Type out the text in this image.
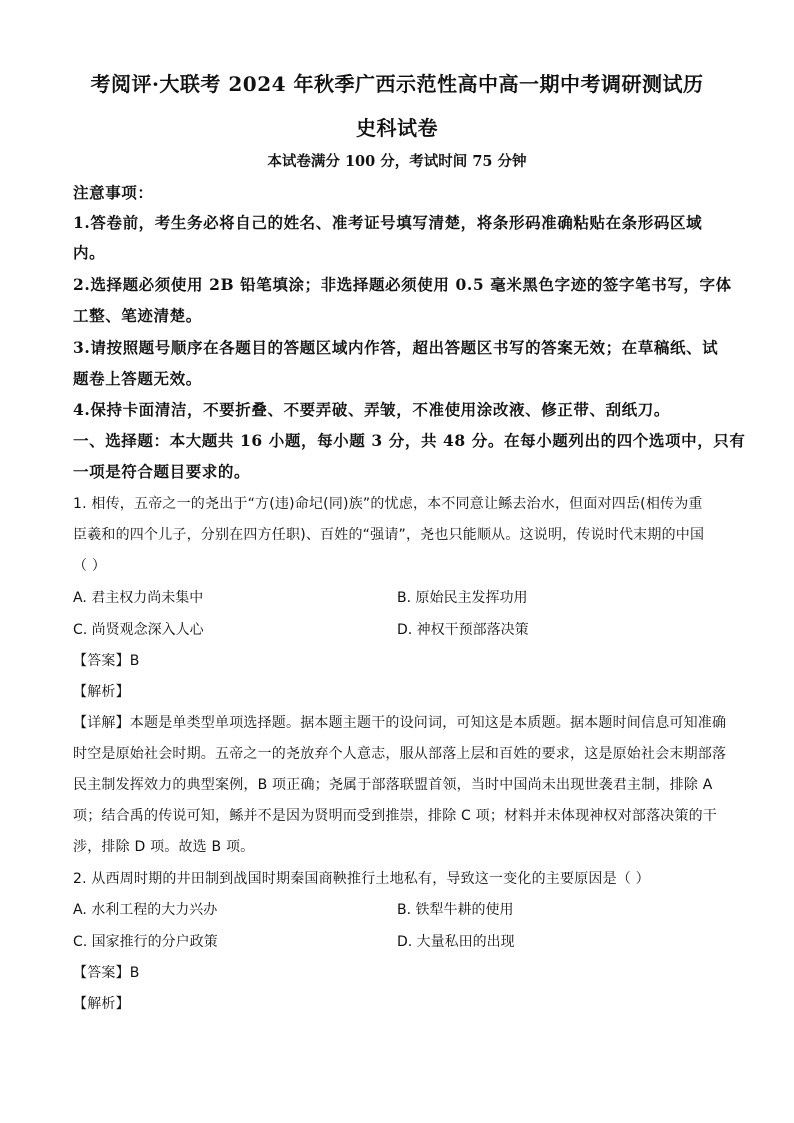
考阅评·大联考 2024 年秋季广西示范性高中高一期中考调研测试历
史科试卷
本试卷满分 100 分，考试时间 75 分钟
注意事项：
1.答卷前，考生务必将自己的姓名、准考证号填写清楚，将条形码准确粘贴在条形码区域
内。
2.选择题必须使用 2B 铅笔填涂；非选择题必须使用 0.5 毫米黑色字迹的签字笔书写，字体
工整、笔迹清楚。
3.请按照题号顺序在各题目的答题区域内作答，超出答题区书写的答案无效；在草稿纸、试
题卷上答题无效。
4.保持卡面清洁，不要折叠、不要弄破、弄皱，不准使用涂改液、修正带、刮纸刀。
一、选择题：本大题共 16 小题，每小题 3 分，共 48 分。在每小题列出的四个选项中，只有
一项是符合题目要求的。
1. 相传，五帝之一的尧出于“方(违)命圮(同)族”的忧虑，本不同意让鲧去治水，但面对四岳(相传为重
臣羲和的四个儿子，分别在四方任职)、百姓的“强请”，尧也只能顺从。这说明，传说时代末期的中国
（ ）
A. 君主权力尚未集中	B. 原始民主发挥功用
C. 尚贤观念深入人心	D. 神权干预部落决策
【答案】B
【解析】
【详解】本题是单类型单项选择题。据本题主题干的设问词，可知这是本质题。据本题时间信息可知准确
时空是原始社会时期。五帝之一的尧放弃个人意志，服从部落上层和百姓的要求，这是原始社会末期部落
民主制发挥效力的典型案例，B 项正确；尧属于部落联盟首领，当时中国尚未出现世袭君主制，排除 A
项；结合禹的传说可知，鲧并不是因为贤明而受到推崇，排除 C 项；材料并未体现神权对部落决策的干
涉，排除 D 项。故选 B 项。
2. 从西周时期的井田制到战国时期秦国商鞅推行土地私有，导致这一变化的主要原因是（ ）
A. 水利工程的大力兴办	B. 铁犁牛耕的使用
C. 国家推行的分户政策	D. 大量私田的出现
【答案】B
【解析】
